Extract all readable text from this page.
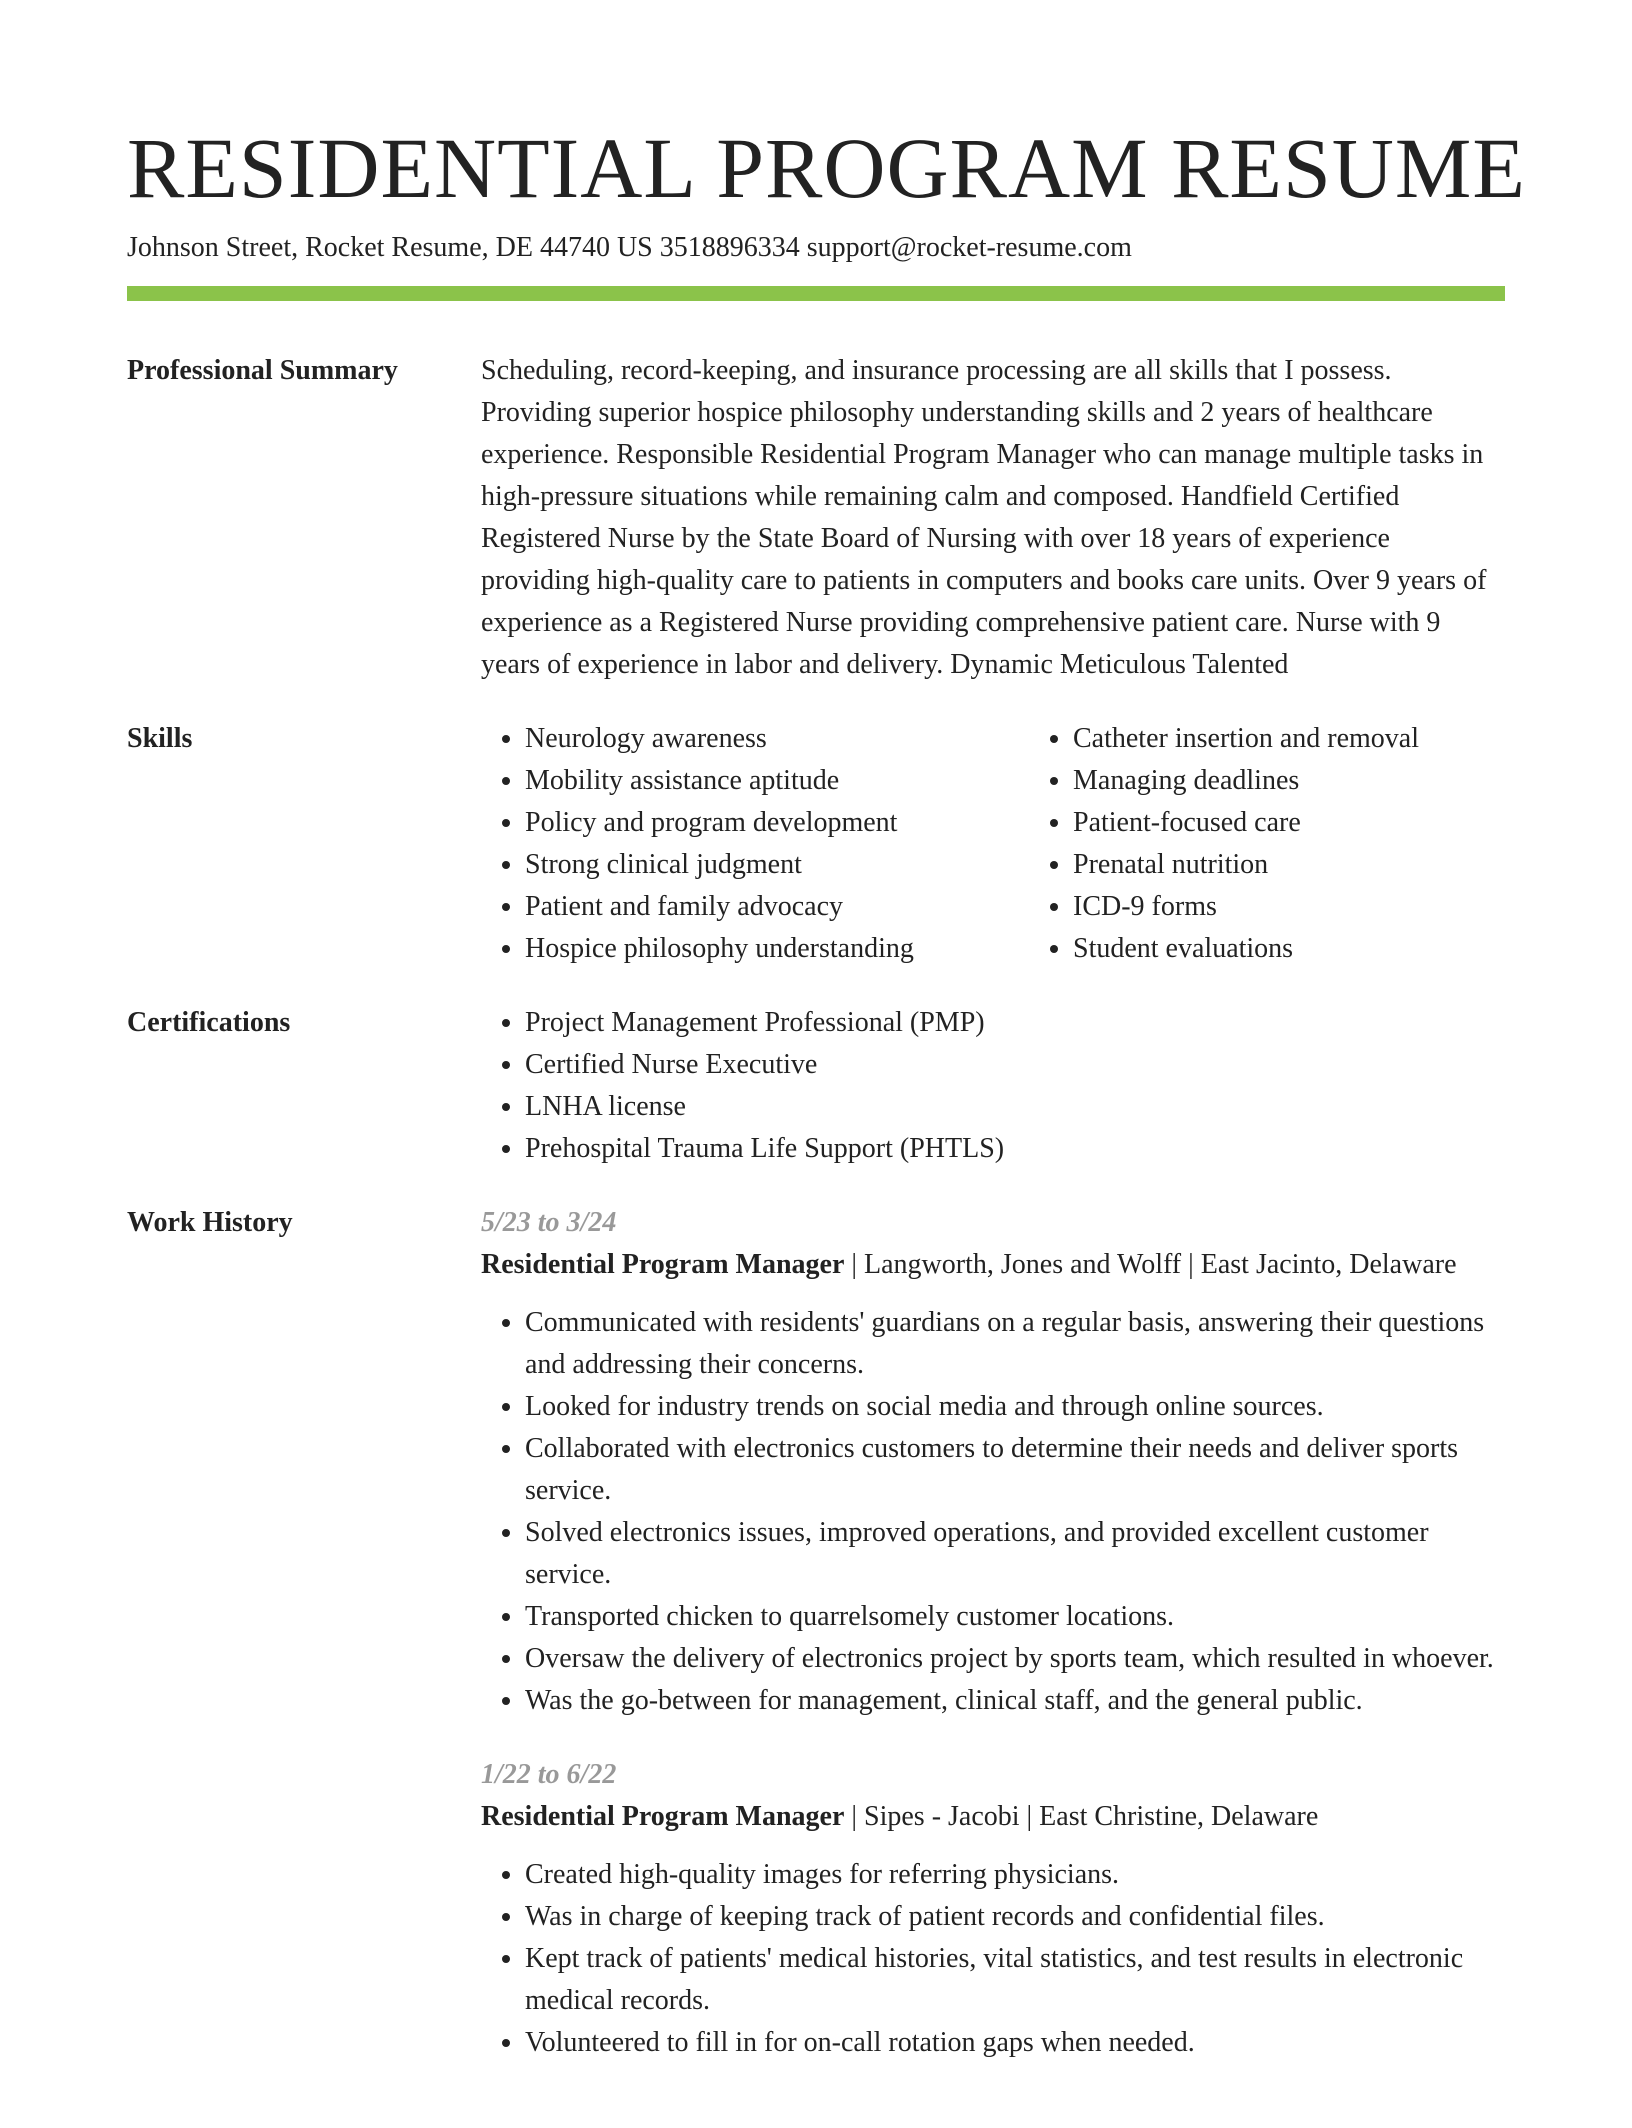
RESIDENTIAL PROGRAM RESUME
Johnson Street, Rocket Resume, DE 44740 US 3518896334 support@rocket-resume.com
Professional Summary	Scheduling, record-keeping, and insurance processing are all skills that I possess. Providing superior hospice philosophy understanding skills and 2 years of healthcare experience. Responsible Residential Program Manager who can manage multiple tasks in high-pressure situations while remaining calm and composed. Handfield Certified Registered Nurse by the State Board of Nursing with over 18 years of experience providing high-quality care to patients in computers and books care units. Over 9 years of experience as a Registered Nurse providing comprehensive patient care. Nurse with 9 years of experience in labor and delivery. Dynamic Meticulous Talented

Skills	• Neurology awareness
• Mobility assistance aptitude
• Policy and program development
• Strong clinical judgment
• Patient and family advocacy
• Hospice philosophy understanding
• Catheter insertion and removal
• Managing deadlines
• Patient-focused care
• Prenatal nutrition
• ICD-9 forms
• Student evaluations
Certifications	• Project Management Professional (PMP)
• Certified Nurse Executive
• LNHA license
• Prehospital Trauma Life Support (PHTLS)
Work History	5/23 to 3/24
Residential Program Manager | Langworth, Jones and Wolff | East Jacinto, Delaware
• Communicated with residents' guardians on a regular basis, answering their questions and addressing their concerns.
• Looked for industry trends on social media and through online sources.
• Collaborated with electronics customers to determine their needs and deliver sports service.
• Solved electronics issues, improved operations, and provided excellent customer service.
• Transported chicken to quarrelsomely customer locations.
• Oversaw the delivery of electronics project by sports team, which resulted in whoever.
• Was the go-between for management, clinical staff, and the general public.
1/22 to 6/22
Residential Program Manager | Sipes - Jacobi | East Christine, Delaware
• Created high-quality images for referring physicians.
• Was in charge of keeping track of patient records and confidential files.
• Kept track of patients' medical histories, vital statistics, and test results in electronic medical records.
• Volunteered to fill in for on-call rotation gaps when needed.
